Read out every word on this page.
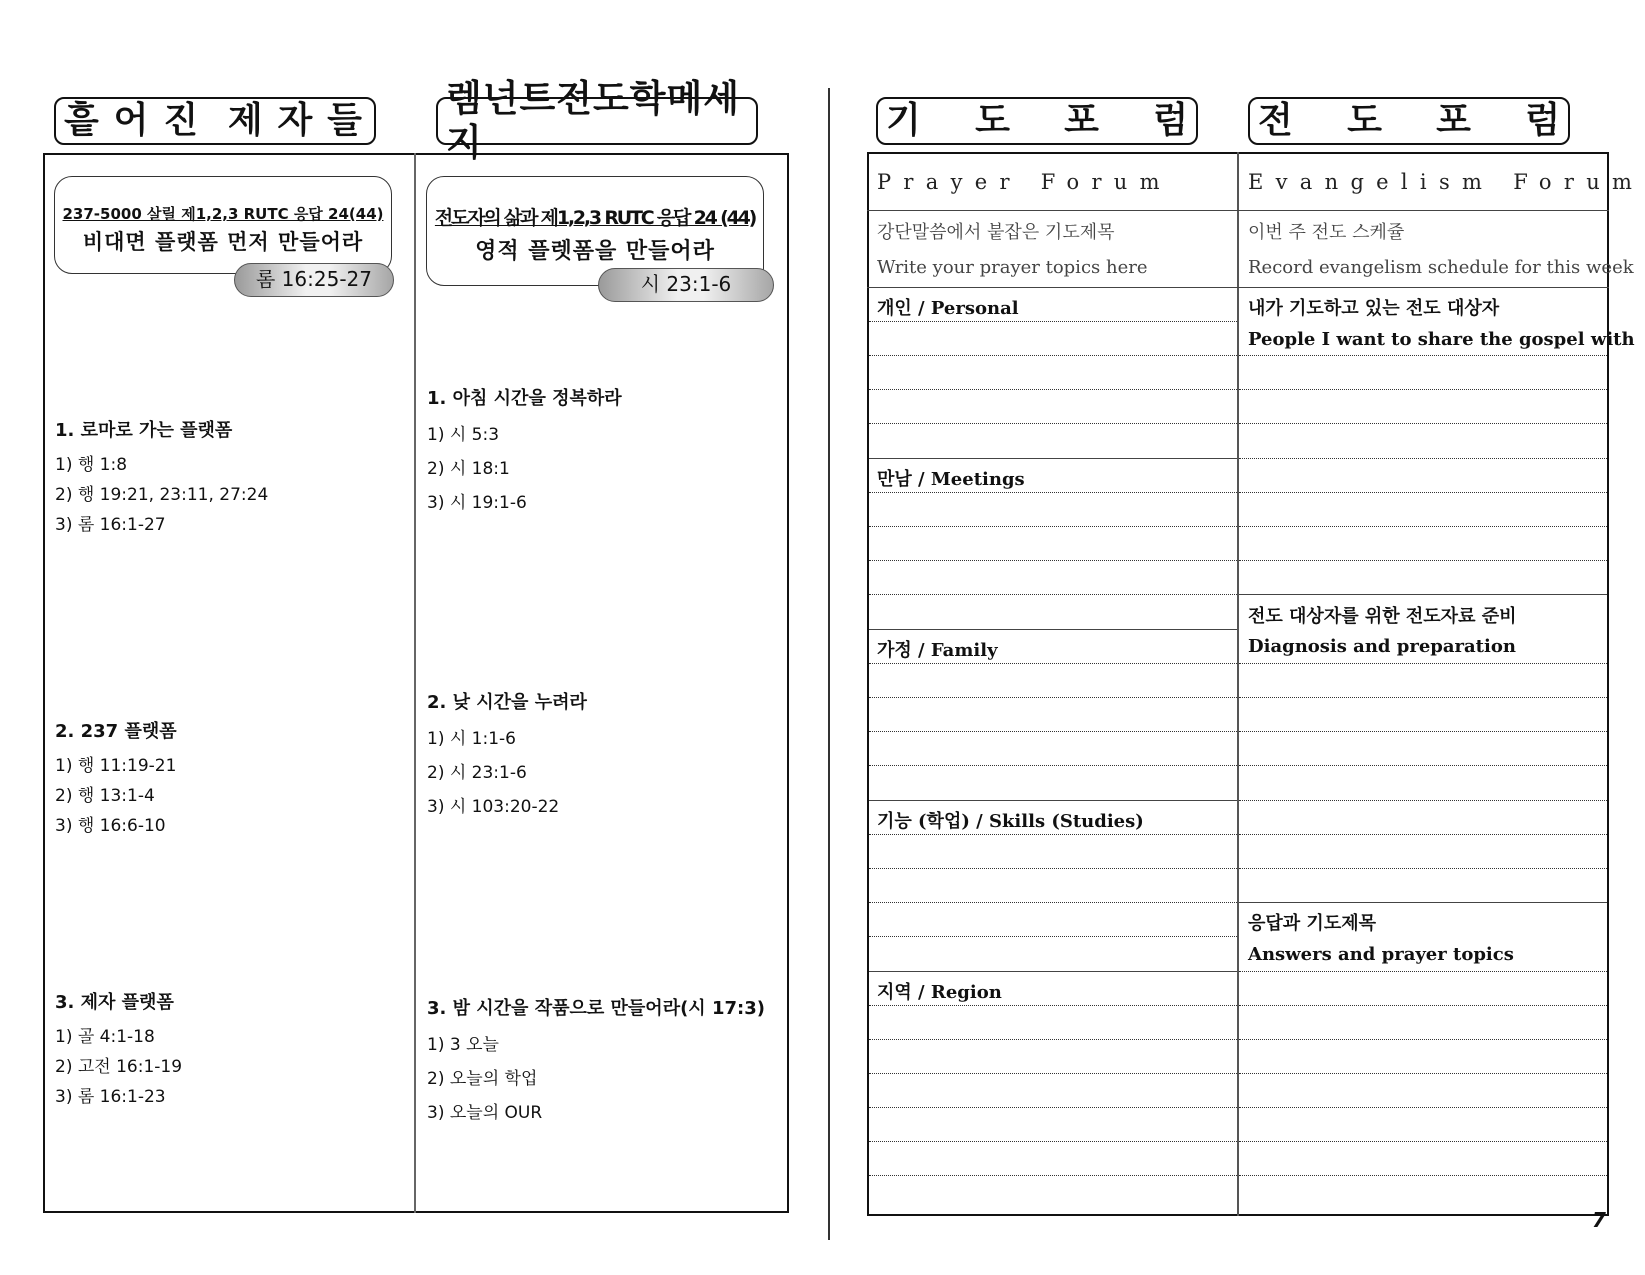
흩 어 진 제 자 들
렘넌트전도학메세지
237-5000 살릴 제1,2,3 RUTC 응답 24(44)
비대면 플랫폼 먼저 만들어라
롬 16:25-27
전도자의 삶과 제1,2,3 RUTC 응답 24 (44)
영적 플렛폼을 만들어라
시 23:1-6
1. 로마로 가는 플랫폼
1) 행 1:8
2) 행 19:21, 23:11, 27:24
3) 롬 16:1-27
2. 237 플랫폼
1) 행 11:19-21
2) 행 13:1-4
3) 행 16:6-10
3. 제자 플랫폼
1) 골 4:1-18
2) 고전 16:1-19
3) 롬 16:1-23
1. 아침 시간을 정복하라
1) 시 5:3
2) 시 18:1
3) 시 19:1-6
2. 낮 시간을 누려라
1) 시 1:1-6
2) 시 23:1-6
3) 시 103:20-22
3. 밤 시간을 작품으로 만들어라(시 17:3)
1) 3 오늘
2) 오늘의 학업
3) 오늘의 OUR
기 도 포 럼 전 도 포 럼
Prayer Forum	Evangelism Forum
강단말씀에서 붙잡은 기도제목
Write your prayer topics here
이번 주 전도 스케쥴
Record evangelism schedule for this week
개인 / Personal
만남 / Meetings
가정 / Family
기능 (학업) / Skills (Studies)
지역 / Region
내가 기도하고 있는 전도 대상자
People I want to share the gospel with
전도 대상자를 위한 전도자료 준비
Diagnosis and preparation
응답과 기도제목
Answers and prayer topics
7
